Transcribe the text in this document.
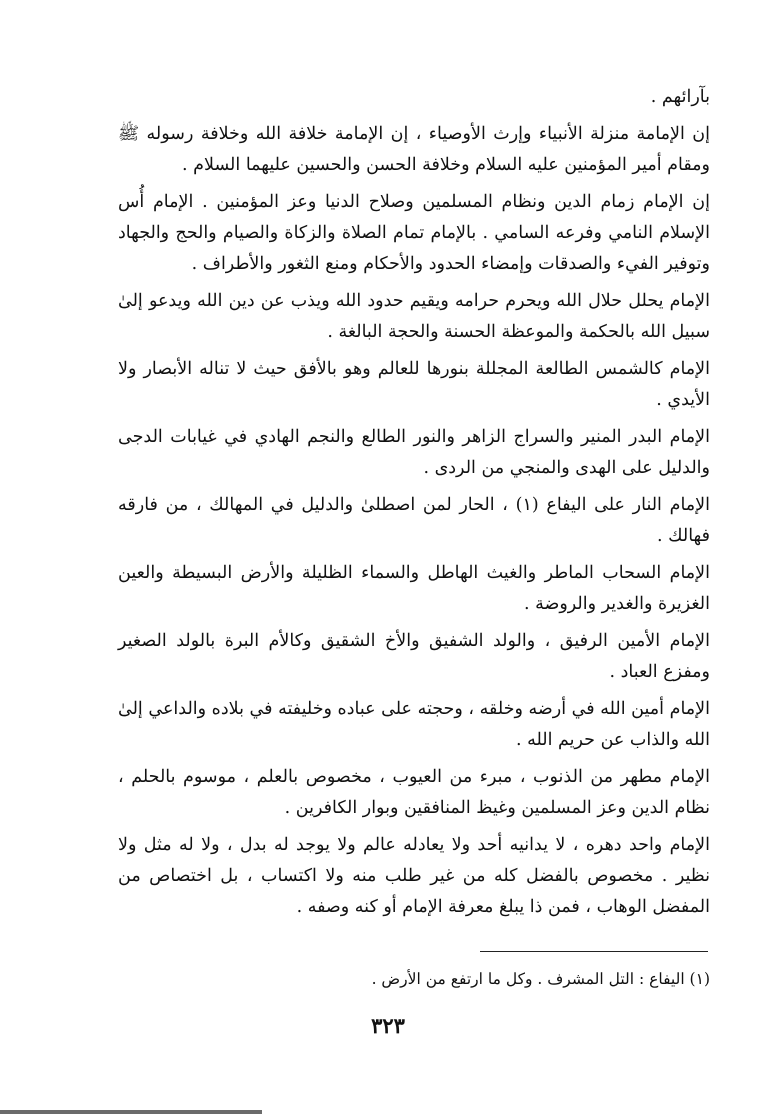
بآرائهم .

إن الإمامة منزلة الأنبياء وإرث الأوصياء ، إن الإمامة خلافة الله وخلافة رسوله ﷺ ومقام أمير المؤمنين عليه السلام وخلافة الحسن والحسين عليهما السلام .

إن الإمام زمام الدين ونظام المسلمين وصلاح الدنيا وعز المؤمنين . الإمام أُس الإسلام النامي وفرعه السامي . بالإمام تمام الصلاة والزكاة والصيام والحج والجهاد وتوفير الفيء والصدقات وإمضاء الحدود والأحكام ومنع الثغور والأطراف .

الإمام يحلل حلال الله ويحرم حرامه ويقيم حدود الله ويذب عن دين الله ويدعو إلىٰ سبيل الله بالحكمة والموعظة الحسنة والحجة البالغة .

الإمام كالشمس الطالعة المجللة بنورها للعالم وهو بالأفق حيث لا تناله الأبصار ولا الأيدي .

الإمام البدر المنير والسراج الزاهر والنور الطالع والنجم الهادي في غيابات الدجى والدليل على الهدى والمنجي من الردى .

الإمام النار على اليفاع (١) ، الحار لمن اصطلىٰ والدليل في المهالك ، من فارقه فهالك .

الإمام السحاب الماطر والغيث الهاطل والسماء الظليلة والأرض البسيطة والعين الغزيرة والغدير والروضة .

الإمام الأمين الرفيق ، والولد الشفيق والأخ الشقيق وكالأم البرة بالولد الصغير ومفزع العباد .

الإمام أمين الله في أرضه وخلقه ، وحجته على عباده وخليفته في بلاده والداعي إلىٰ الله والذاب عن حريم الله .

الإمام مطهر من الذنوب ، مبرء من العيوب ، مخصوص بالعلم ، موسوم بالحلم ، نظام الدين وعز المسلمين وغيظ المنافقين وبوار الكافرين .

الإمام واحد دهره ، لا يدانيه أحد ولا يعادله عالم ولا يوجد له بدل ، ولا له مثل ولا نظير . مخصوص بالفضل كله من غير طلب منه ولا اكتساب ، بل اختصاص من المفضل الوهاب ، فمن ذا يبلغ معرفة الإمام أو كنه وصفه .

(١) اليفاع : التل المشرف . وكل ما ارتفع من الأرض .
٣٢٣
